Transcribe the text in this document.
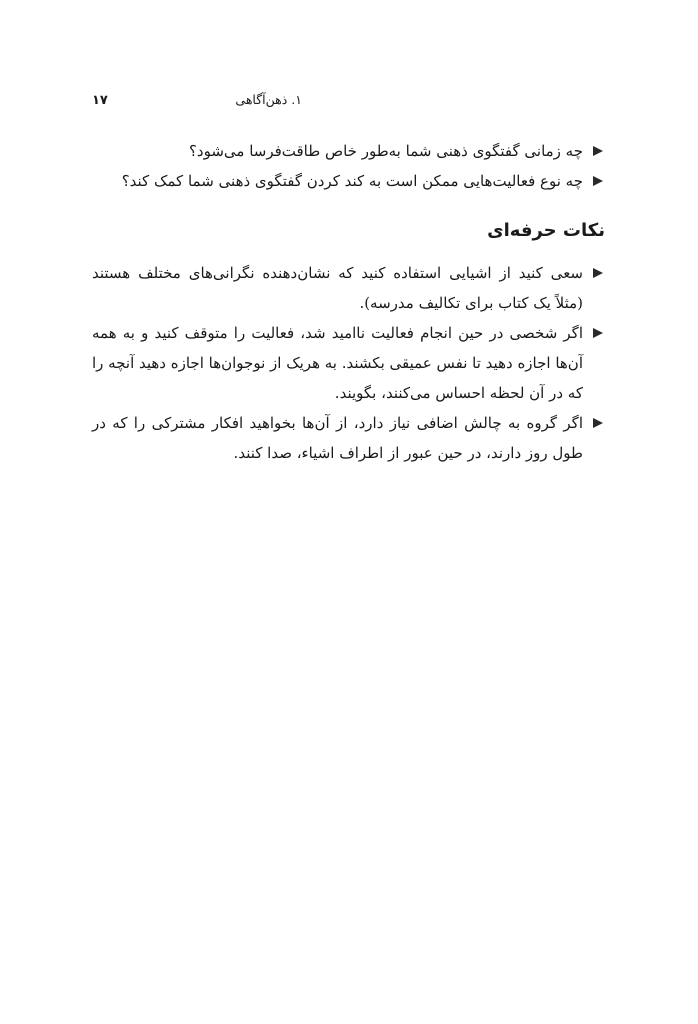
۱. ذهن‌آگاهی
۱۷
چه زمانی گفتگوی ذهنی شما به‌طور خاص طاقت‌فرسا می‌شود؟
چه نوع فعالیت‌هایی ممکن است به کند کردن گفتگوی ذهنی شما کمک کند؟
نکات حرفه‌ای
سعی کنید از اشیایی استفاده کنید که نشان‌دهنده نگرانی‌های مختلف هستند (مثلاً یک کتاب برای تکالیف مدرسه).
اگر شخصی در حین انجام فعالیت ناامید شد، فعالیت را متوقف کنید و به همه آن‌ها اجازه دهید تا نفس عمیقی بکشند. به هریک از نوجوان‌ها اجازه دهید آنچه را که در آن لحظه احساس می‌کنند، بگویند.
اگر گروه به چالش اضافی نیاز دارد، از آن‌ها بخواهید افکار مشترکی را که در طول روز دارند، در حین عبور از اطراف اشیاء، صدا کنند.
